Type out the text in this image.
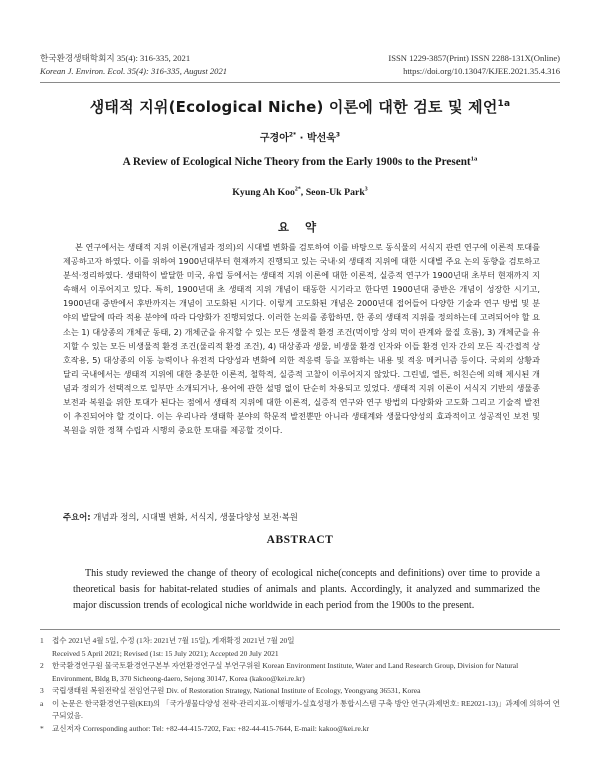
한국환경생태학회지 35(4): 316-335, 2021
Korean J. Environ. Ecol. 35(4): 316-335, August 2021
ISSN 1229-3857(Print) ISSN 2288-131X(Online)
https://doi.org/10.13047/KJEE.2021.35.4.316
생태적 지위(Ecological Niche) 이론에 대한 검토 및 제언$^{1a}$
구경아$^{2*}$ · 박선욱$^3$
A Review of Ecological Niche Theory from the Early 1900s to the Present$^{1a}$
Kyung Ah Koo$^{2*}$, Seon-Uk Park$^3$
요 약

본 연구에서는 생태적 지위 이론(개념과 정의)의 시대별 변화를 검토하여 이를 바탕으로 동식물의 서식지 관련 연구에 이론적 토대를 제공하고자 하였다. 이를 위하여 1900년대부터 현재까지 진행되고 있는 국내·외 생태적 지위에 대한 시대별 주요 논의 동향을 검토하고 분석·정리하였다. 생태학이 발달한 미국, 유럽 등에서는 생태적 지위 이론에 대한 이론적, 실증적 연구가 1900년대 초부터 현재까지 지속해서 이루어지고 있다. 특히, 1900년대 초 생태적 지위 개념이 태동한 시기라고 한다면 1900년대 중반은 개념이 성장한 시기고, 1900년대 중반에서 후반까지는 개념이 고도화된 시기다. 이렇게 고도화된 개념은 2000년대 접어들어 다양한 기술과 연구 방법 및 분야의 발달에 따라 적용 분야에 따라 다양화가 진행되었다. 이러한 논의를 종합하면, 한 종의 생태적 지위를 정의하는데 고려되어야 할 요소는 1) 대상종의 개체군 동태, 2) 개체군을 유지할 수 있는 모든 생물적 환경 조건(먹이망 상의 먹이 관계와 물질 흐름), 3) 개체군을 유지할 수 있는 모든 비생물적 환경 조건(물리적 환경 조건), 4) 대상종과 생물, 비생물 환경 인자와 이들 환경 인자 간의 모든 직·간접적 상호작용, 5) 대상종의 이동 능력이나 유전적 다양성과 변화에 의한 적응력 등을 포함하는 내용 및 적응 메커니즘 등이다. 국외의 상황과 달리 국내에서는 생태적 지위에 대한 충분한 이론적, 철학적, 실증적 고찰이 이루어지지 않았다. 그린넬, 엘튼, 허친슨에 의해 제시된 개념과 정의가 선택적으로 일부만 소개되거나, 용어에 관한 설명 없이 단순히 차용되고 있었다. 생태적 지위 이론이 서식지 기반의 생물종 보전과 복원을 위한 토대가 된다는 점에서 생태적 지위에 대한 이론적, 실증적 연구와 연구 방법의 다양화와 고도화 그리고 기술적 발전이 추진되어야 할 것이다. 이는 우리나라 생태학 분야의 학문적 발전뿐만 아니라 생태계와 생물다양성의 효과적이고 성공적인 보전 및 복원을 위한 정책 수립과 시행의 중요한 토대를 제공할 것이다.

주요어: 개념과 정의, 시대별 변화, 서식지, 생물다양성 보전·복원
ABSTRACT

This study reviewed the change of theory of ecological niche(concepts and definitions) over time to provide a theoretical basis for habitat-related studies of animals and plants. Accordingly, it analyzed and summarized the major discussion trends of ecological niche worldwide in each period from the 1900s to the present.

1	접수 2021년 4월 5일, 수정 (1차: 2021년 7월 15일), 게재확정 2021년 7월 20일
Received 5 April 2021; Revised (1st: 15 July 2021); Accepted 20 July 2021
2	한국환경연구원 물국토환경연구본부 자연환경연구실 부연구위원 Korean Environment Institute, Water and Land Research Group, Division for Natural Environment, Bldg B, 370 Sicheong-daero, Sejong 30147, Korea (kakoo@kei.re.kr)
3	국립생태원 복원전략실 전임연구원 Div. of Restoration Strategy, National Institute of Ecology, Yeongyang 36531, Korea
a	이 논문은 한국환경연구원(KEI)의 「국가생물다양성 전략·관리지표-이행평가-실효성평가 통합시스템 구축 방안 연구(과제번호: RE2021-13)」과제에 의하여 연구되었음.
*	교신저자 Corresponding author: Tel: +82-44-415-7202, Fax: +82-44-415-7644, E-mail: kakoo@kei.re.kr
